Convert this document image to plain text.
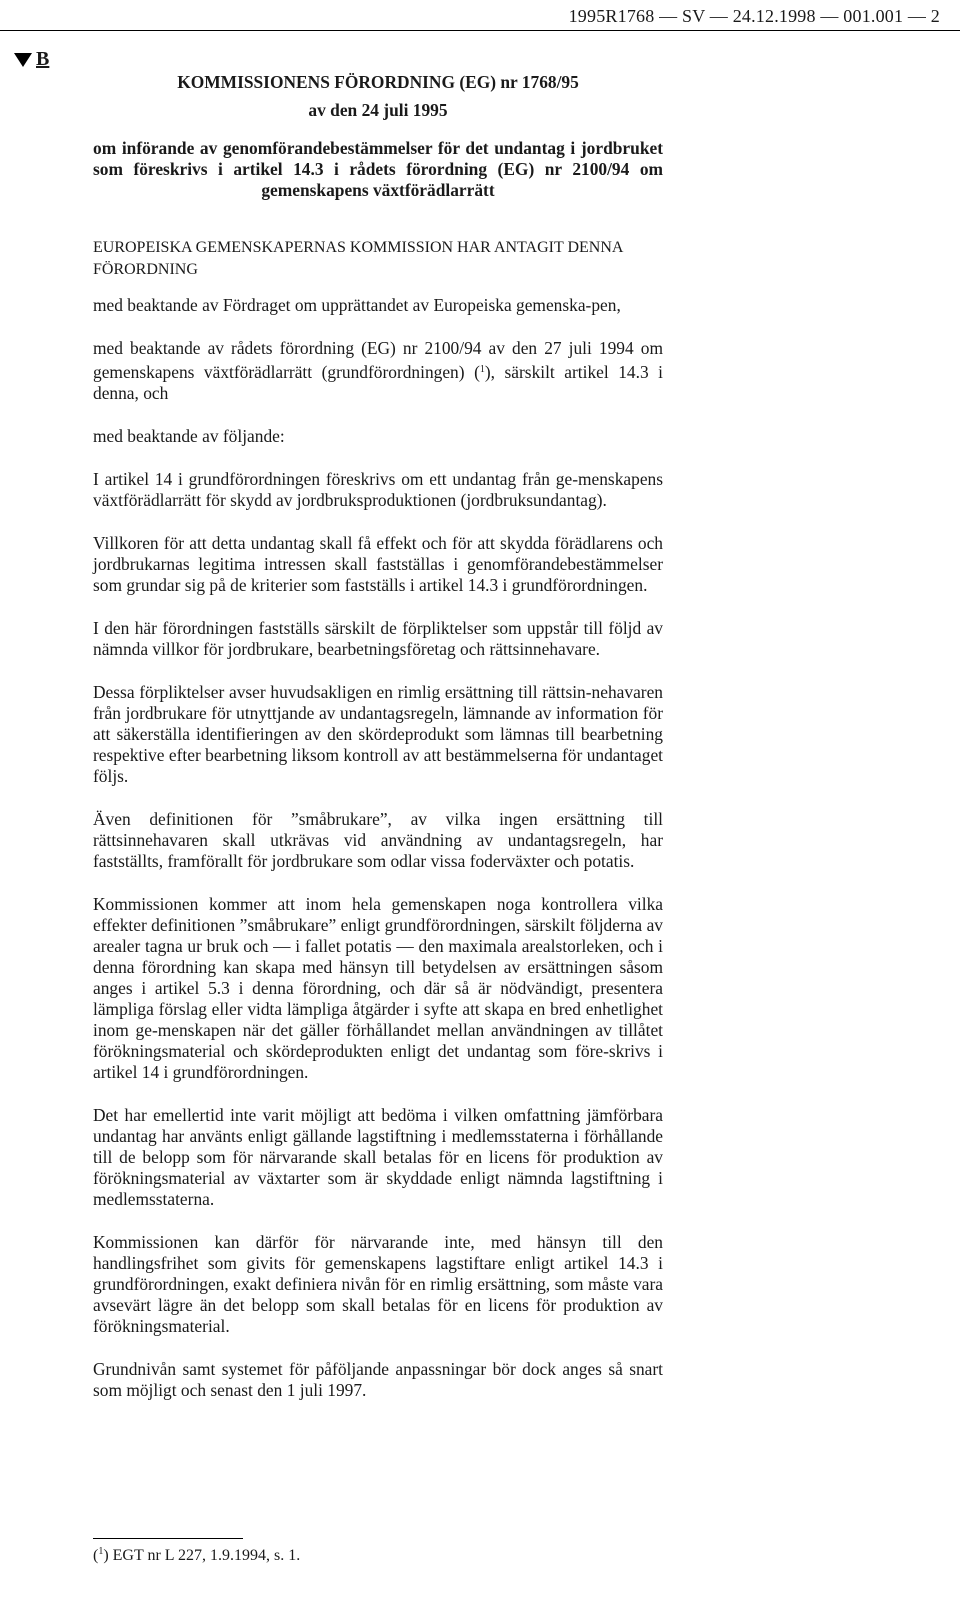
1995R1768 — SV — 24.12.1998 — 001.001 — 2
B

KOMMISSIONENS FÖRORDNING (EG) nr 1768/95

av den 24 juli 1995

om införande av genomförandebestämmelser för det undantag i jordbruket som föreskrivs i artikel 14.3 i rådets förordning (EG) nr 2100/94 om gemenskapens växtförädlarrätt

EUROPEISKA GEMENSKAPERNAS KOMMISSION HAR ANTAGIT DENNA FÖRORDNING

med beaktande av Fördraget om upprättandet av Europeiska gemenska-pen,

med beaktande av rådets förordning (EG) nr 2100/94 av den 27 juli 1994 om gemenskapens växtförädlarrätt (grundförordningen) ($^1$), särskilt artikel 14.3 i denna, och

med beaktande av följande:

I artikel 14 i grundförordningen föreskrivs om ett undantag från ge-menskapens växtförädlarrätt för skydd av jordbruksproduktionen (jordbruksundantag).

Villkoren för att detta undantag skall få effekt och för att skydda förädlarens och jordbrukarnas legitima intressen skall fastställas i genomförandebestämmelser som grundar sig på de kriterier som fastställs i artikel 14.3 i grundförordningen.

I den här förordningen fastställs särskilt de förpliktelser som uppstår till följd av nämnda villkor för jordbrukare, bearbetningsföretag och rättsinnehavare.

Dessa förpliktelser avser huvudsakligen en rimlig ersättning till rättsin-nehavaren från jordbrukare för utnyttjande av undantagsregeln, lämnande av information för att säkerställa identifieringen av den skördeprodukt som lämnas till bearbetning respektive efter bearbetning liksom kontroll av att bestämmelserna för undantaget följs.

Även definitionen för ”småbrukare”, av vilka ingen ersättning till rättsinnehavaren skall utkrävas vid användning av undantagsregeln, har fastställts, framförallt för jordbrukare som odlar vissa foderväxter och potatis.

Kommissionen kommer att inom hela gemenskapen noga kontrollera vilka effekter definitionen ”småbrukare” enligt grundförordningen, särskilt följderna av arealer tagna ur bruk och — i fallet potatis — den maximala arealstorleken, och i denna förordning kan skapa med hänsyn till betydelsen av ersättningen såsom anges i artikel 5.3 i denna förordning, och där så är nödvändigt, presentera lämpliga förslag eller vidta lämpliga åtgärder i syfte att skapa en bred enhetlighet inom ge-menskapen när det gäller förhållandet mellan användningen av tillåtet förökningsmaterial och skördeprodukten enligt det undantag som före-skrivs i artikel 14 i grundförordningen.

Det har emellertid inte varit möjligt att bedöma i vilken omfattning jämförbara undantag har använts enligt gällande lagstiftning i medlemsstaterna i förhållande till de belopp som för närvarande skall betalas för en licens för produktion av förökningsmaterial av växtarter som är skyddade enligt nämnda lagstiftning i medlemsstaterna.

Kommissionen kan därför för närvarande inte, med hänsyn till den handlingsfrihet som givits för gemenskapens lagstiftare enligt artikel 14.3 i grundförordningen, exakt definiera nivån för en rimlig ersättning, som måste vara avsevärt lägre än det belopp som skall betalas för en licens för produktion av förökningsmaterial.

Grundnivån samt systemet för påföljande anpassningar bör dock anges så snart som möjligt och senast den 1 juli 1997.

($^1$) EGT nr L 227, 1.9.1994, s. 1.
